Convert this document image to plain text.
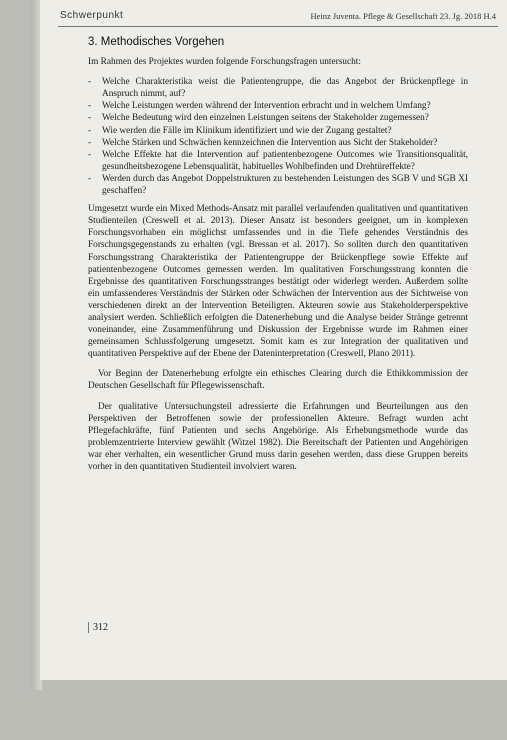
Schwerpunkt	Heinz Juventa. Pflege & Gesellschaft 23. Jg. 2018 H.4
3. Methodisches Vorgehen

Im Rahmen des Projektes wurden folgende Forschungsfragen untersucht:

- Welche Charakteristika weist die Patientengruppe, die das Angebot der Brückenpflege in Anspruch nimmt, auf?
- Welche Leistungen werden während der Intervention erbracht und in welchem Umfang?
- Welche Bedeutung wird den einzelnen Leistungen seitens der Stakeholder zugemessen?
- Wie werden die Fälle im Klinikum identifiziert und wie der Zugang gestaltet?
- Welche Stärken und Schwächen kennzeichnen die Intervention aus Sicht der Stakeholder?
- Welche Effekte hat die Intervention auf patientenbezogene Outcomes wie Transitionsqualität, gesundheitsbezogene Lebensqualität, habituelles Wohlbefinden und Drehtüreffekte?
- Werden durch das Angebot Doppelstrukturen zu bestehenden Leistungen des SGB V und SGB XI geschaffen?

Umgesetzt wurde ein Mixed Methods-Ansatz mit parallel verlaufenden qualitativen und quantitativen Studienteilen (Creswell et al. 2013). Dieser Ansatz ist besonders geeignet, um in komplexen Forschungsvorhaben ein möglichst umfassendes und in die Tiefe gehendes Verständnis des Forschungsgegenstands zu erhalten (vgl. Bressan et al. 2017). So sollten durch den quantitativen Forschungsstrang Charakteristika der Patientengruppe der Brückenpflege sowie Effekte auf patientenbezogene Outcomes gemessen werden. Im qualitativen Forschungsstrang konnten die Ergebnisse des quantitativen Forschungsstranges bestätigt oder widerlegt werden. Außerdem sollte ein umfassenderes Verständnis der Stärken oder Schwächen der Intervention aus der Sichtweise von verschiedenen direkt an der Intervention Beteiligten. Akteuren sowie aus Stakeholderperspektive analysiert werden. Schließlich erfolgten die Datenerhebung und die Analyse beider Stränge getrennt voneinander, eine Zusammenführung und Diskussion der Ergebnisse wurde im Rahmen einer gemeinsamen Schlussfolgerung umgesetzt. Somit kam es zur Integration der qualitativen und quantitativen Perspektive auf der Ebene der Dateninterpretation (Creswell, Plano 2011).

Vor Beginn der Datenerhebung erfolgte ein ethisches Clearing durch die Ethikkommission der Deutschen Gesellschaft für Pflegewissenschaft.

Der qualitative Untersuchungsteil adressierte die Erfahrungen und Beurteilungen aus den Perspektiven der Betroffenen sowie der professionellen Akteure. Befragt wurden acht Pflegefachkräfte, fünf Patienten und sechs Angehörige. Als Erhebungsmethode wurde das problemzentrierte Interview gewählt (Witzel 1982). Die Bereitschaft der Patienten und Angehörigen war eher verhalten, ein wesentlicher Grund muss darin gesehen werden, dass diese Gruppen bereits vorher in den quantitativen Studienteil involviert waren.

312
